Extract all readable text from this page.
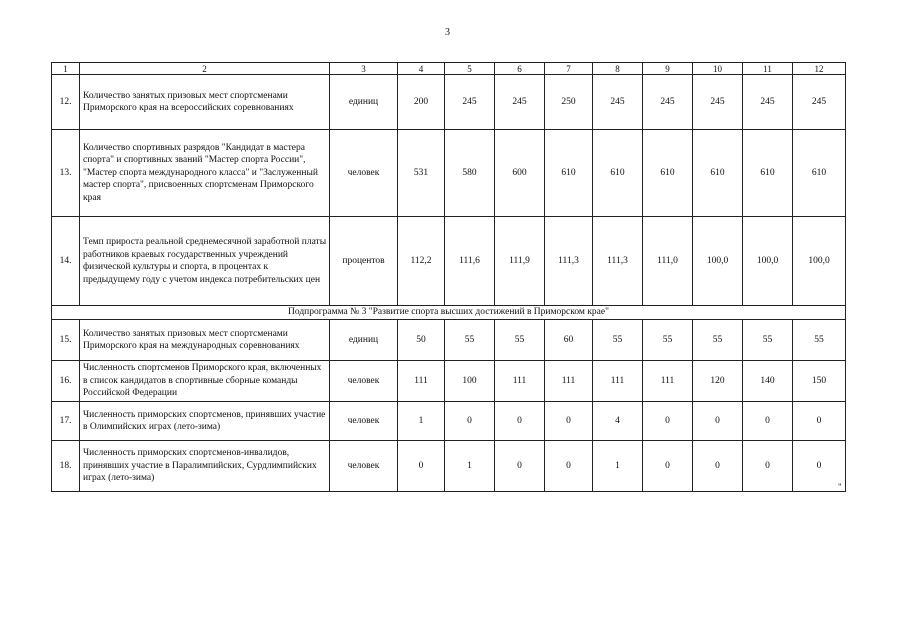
3
1	2	3	4	5	6	7	8	9	10	11	12
12.	Количество занятых призовых мест спортсменами Приморского края на всероссийских соревнованиях	единиц	200	245	245	250	245	245	245	245	245
13.	Количество спортивных разрядов "Кандидат в мастера спорта" и спортивных званий "Мастер спорта России", "Мастер спорта международного класса" и "Заслуженный мастер спорта", присвоенных спортсменам Приморского края	человек	531	580	600	610	610	610	610	610	610
14.	Темп прироста реальной среднемесячной заработной платы работников краевых государственных учреждений физической культуры и спорта, в процентах к предыдущему году с учетом индекса потребительских цен	процентов	112,2	111,6	111,9	111,3	111,3	111,0	100,0	100,0	100,0
Подпрограмма № 3 "Развитие спорта высших достижений в Приморском крае"											
15.	Количество занятых призовых мест спортсменами Приморского края на международных соревнованиях	единиц	50	55	55	60	55	55	55	55	55
16.	Численность спортсменов Приморского края, включенных в список кандидатов в спортивные сборные команды Российской Федерации	человек	111	100	111	111	111	111	120	140	150
17.	Численность приморских спортсменов, принявших участие в Олимпийских играх (лето-зима)	человек	1	0	0	0	4	0	0	0	0
18.	Численность приморских спортсменов-инвалидов, принявших участие в Паралимпийских, Сурдлимпийских играх (лето-зима)	человек	0	1	0	0	1	0	0	0	0
"
